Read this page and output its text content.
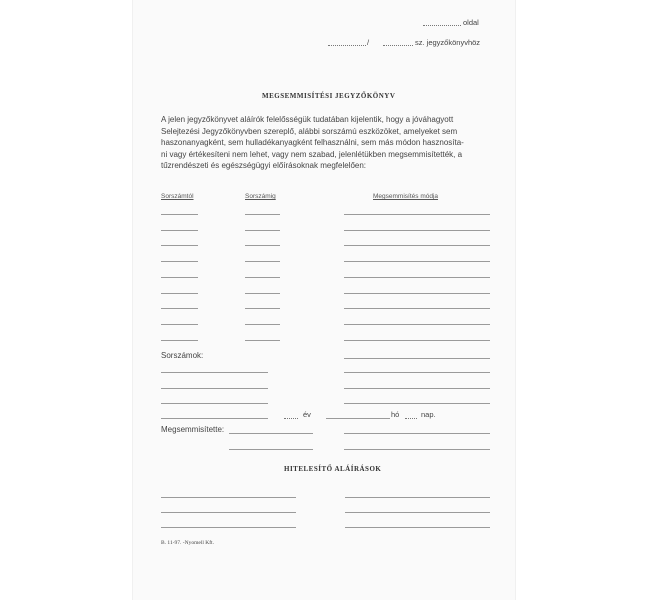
oldal
/	sz. jegyzőkönyvhöz
MEGSEMMISÍTÉSI JEGYZŐKÖNYV
A jelen jegyzőkönyvet aláírók felelősségük tudatában kijelentik, hogy a jóváhagyott
Selejtezési Jegyzőkönyvben szereplő, alábbi sorszámú eszközöket, amelyeket sem
haszonanyagként, sem hulladékanyagként felhasználni, sem más módon hasznosíta-
ni vagy értékesíteni nem lehet, vagy nem szabad, jelenlétükben megsemmisítették, a
tűzrendészeti és egészségügyi előírásoknak megfelelően:
Sorszámtól	Sorszámig	Megsemmisítés módja
Sorszámok:
év	hó	nap.
Megsemmisítette:
HITELESÍTŐ ALÁÍRÁSOK
B. 11-97. -Nyomell Kft.
